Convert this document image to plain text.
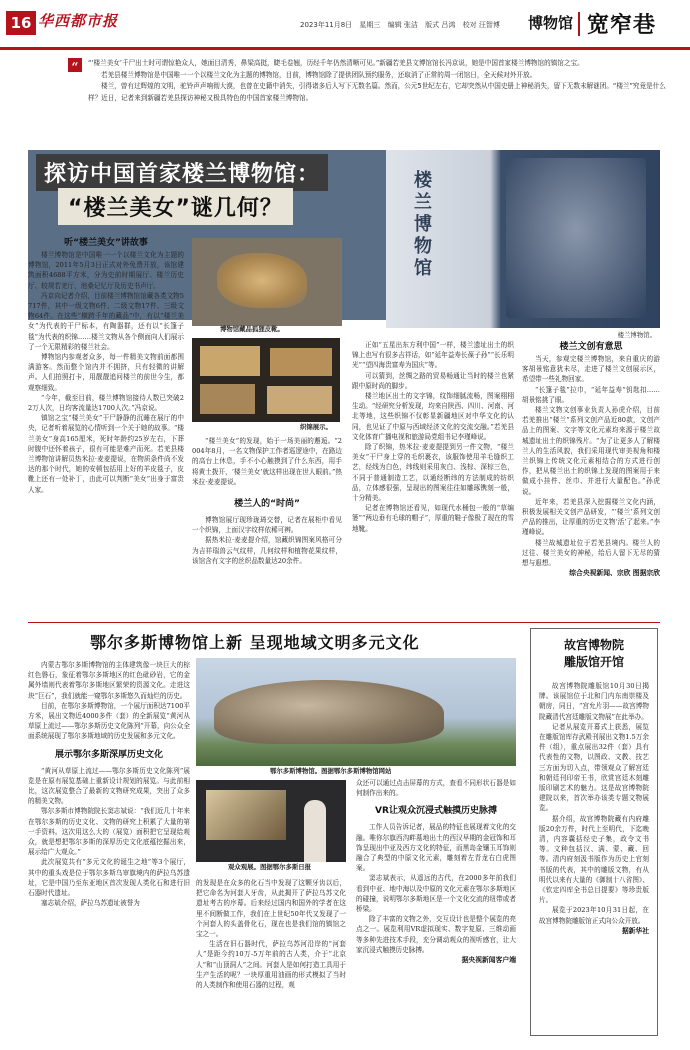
16 华西都市报	2023年11月8日 星期三 编辑 张洁 版式 吕鸿 校对 汪智博	博物馆 宽窄巷
“	“‘楼兰美女’千尸出土时可谓惊艳众人，她面目清秀，鼻梁高挺，睫毛卷翘，历经千年仍然清晰可见。”新疆若羌县文博馆馆长冯京说，她是中国首家楼兰博物馆的镇馆之宝。

若羌县楼兰博物馆是中国唯一一个以楼兰文化为主题的博物馆，目前，博物馆除了提供团队预约服务，还取消了正常的周一闭馆日，全天候对外开放。

楼兰，曾有过辉煌的文明，驼铃声声响彻大漠，也曾在史籍中消失，引得诸多后人写下无数名篇。然而，公元5世纪左右，它却突然从中国史册上神秘消失，留下无数未解谜团。“楼兰”究竟是什么样？近日，记者来到新疆若羌县探访神秘又极具特色的中国首家楼兰博物馆。

楼兰博物馆
楼兰博物馆。
探访中国首家楼兰博物馆：
“楼兰美女”谜几何？
听“楼兰美女”讲故事

楼兰博物馆是中国唯一一个以楼兰文化为主题的博物馆，2011年5月3日正式对外免费开放，该馆建筑面积4688平方米，分为史前时期展厅、楼兰历史厅、较规若羌厅，池桑记忆厅及历史书声厅。

冯京向记者介绍，目前楼兰博物馆馆藏各类文物5717件，其中一级文物6件、二级文物17件、三级文物64件。在这些“横跨千年的藏品”中，有以“楼兰美女”为代表的干尸标本，有陶器群，还有以“长篷子毯”为代表的织锦……楼兰文物从各个侧面向人们展示了一个无限精彩的楼兰社会。

博物馆内参观者众多，每一件精美文物前面都围满游客。然而整个馆内并不拥挤，只有轻微的讲解声。人们拍照打卡，用靓靓追问楼兰的前世今生，都观察细致。

“今年，截至目前，楼兰博物馆接待人数已突破22万人次，日均客流量达1700人次。”冯京说。

镇馆之宝“楼兰美女”干尸静静的沉睡在展厅的中央，记者听着展览的心情听到一个关于她的故事。“楼兰美女”身高165厘米，死时年龄约25岁左右，下葬时腹中还怀着孩子，很有可能是难产而死。若羌县楼兰博物馆讲解员热米拉·麦麦提说，在物质条件尚不发达的那个时代，她的安顿包括用上好的羊皮毯子，皮靴上还有一处补丁，由此可以判断“美女”出身于富贵人家。

博物馆藏品狐狸皮靴。
织锦展示。

“楼兰美女”的发现，始于一场美丽的邂逅。“2004年8月，一名文物保护工作者巡逻途中，在路边的高台上休息，手不小心触摸到了什么东西，用手将黄土拨开，‘楼兰美女’就这样出现在世人眼前。”热米拉·麦麦提说。

楼兰人的“时尚”

博物馆展厅现珍珑琦交替，记者在展柜中看见一个织锦，上面汉字纹样依稀可辨。

据热米拉·麦麦提介绍，馆藏织锦图案风格可分为吉祥瑞兽云气纹样，几何纹样和植物花果纹样，该馆含有文字的丝织品数量达20余件。

正如“五星出东方利中国”一样，楼兰遗址出土的织锦上也写有很多吉祥话，如“延年益寿长葆子孙”“长乐明光”“望四海贵富寿为国庆”等。

可以猜到，丝绸之路的贸易畅通让当时的楼兰也紧跟中原时尚的脚步。

楼兰地区出土的文字锦，纹饰细腻流畅，图案栩栩生动。“经研究分析发现，均来自陕西、四川、河南、河北等地，这些织锦不仅彰显新疆地区对中华文化的认同，也见证了中原与西域经济文化的交流交融。”若羌县文化体育广播电视和旅游局党组书记李瑾峰说。

除了织锦，热米拉·麦麦提提到另一件文物，“楼兰美女”干尸身上穿的毛织裹衣，该服饰使用羊毛缝织工艺，经线为白色，纬线则采用灰白、浅棕、深棕三色，不同于普通制造工艺，以通经断纬的方法制成的纺织品，立体感很强，呈现出的图案往往如雕琢镌刻一般，十分精美。

记者在博物馆还看见，如现代水桶包一般的“草编篓”“两边垂有毛球的帽子”，厚重的鞋子像极了现在的雪地靴。

楼兰文创有意思

当天，参观完楼兰博物馆，来自重庆的游客胡景铭意犹未尽，走进了楼兰文创展示区，希望带一些礼物回家。

“长篷子毯”拉巾，“延年益寿”钥匙扣……胡景铭挑了眼。

楼兰文物文创事业负责人孙虎介绍，目前若羌推出“楼兰”系列文创产品近80款，文创产品上的图案、文字等文化元素均来源于楼兰故城遗址出土的织锦残片。“为了让更多人了解楼兰人的生活风貌，我们采用现代审美视角和楼兰织锦上传统文化元素相结合的方式进行创作，把从楼兰出土的织锦上发现的图案用于来做成小挂件、丝巾、并进行大量配色。”孙虎说。

近年来，若羌县深入挖掘楼兰文化内涵，积极发展相关文创产品研发，“‘楼兰’系列文创产品的推出，让厚重的历史文物‘活’了起来。”李瑾峰说。

楼兰故城遗址位于若羌县境内。楼兰人的过往、楼兰美女的神秘，给后人留下无尽的猜想与遐想。

综合央视新闻、宗欣 图据宗欣
鄂尔多斯博物馆上新 呈现地域文明多元文化

内蒙古鄂尔多斯博物馆的主体建筑像一块巨大的棕红色磐石，象征着鄂尔多斯地区的红色砒砂岩，它的金属外墙则代表着鄂尔多斯地区繁荣的资源文化。走进这块“巨石”，我们就能一窥鄂尔多斯悠久而灿烂的历史。

目前，在鄂尔多斯博物馆，一个展厅面积达7100平方米，展出文物近4000多件（套）的全新展览“黄河从草原上流过——鄂尔多斯历史文化陈列”开幕，向公众全面系统展现了鄂尔多斯地域的历史发展和多元文化。

展示鄂尔多斯深厚历史文化

“黄河从草原上流过——鄂尔多斯历史文化陈列”展览是在原有展览基础上重新设计规划的展览。与此前相比，这次展览整合了最新的文物研究成果，突出了众多的精美文物。

鄂尔多斯市博物院院长窦志斌说：“我们近几十年来在鄂尔多斯的历史文化、文物的研究上积累了大量的第一手资料。这次用这么大的（展览）面积把它呈现给观众，就是想把鄂尔多斯的深厚历史文化底蕴挖掘出来，展示给广大观众。”

此次展览共有“多元文化的诞生之地”等3个展厅，其中的重头戏是位于鄂尔多斯乌审旗境内的萨拉乌苏遗址，它是中国乃至东亚地区首次发现人类化石和进行旧石器时代遗址。

塞志斌介绍，萨拉乌苏遗址被誉为

鄂尔多斯博物馆。图据鄂尔多斯博物馆网站
观众观展。图据鄂尔多斯日报

的发现是在众多的化石当中发现了这颗牙齿以后，把它命名为河套人牙齿，从此揭开了萨拉乌苏文化遗址考古的序幕。后来经过国内和国外的学者在这里不间断做工作，我们在上世纪50年代又发现了一个河套人的头盖骨化石，现在也是我们馆的镇馆之宝之一。

生活在旧石器时代，萨拉乌苏河沿岸的“河套人”是距今约10万-5万年前的古人类，介于“北京人”和“山顶洞人”之间。河套人是如何打造工具用于生产生活的呢？一块厚重用油画的形式模拟了当时的人类制作和使用石器的过程，观

众还可以通过点击屏幕的方式，查看不同形状石器是如何制作出来的。

VR让观众沉浸式触摸历史脉搏

工作人员告诉记者，展品的特征也展现着文化的交融。唯你尔旗西沟畔墓地出土的西汉早期的金冠饰和耳饰呈现出中亚及西方文化的特征，而黑岛金镶玉耳饰则融合了典型的中原文化元素，雕刻着左青龙右白虎图案。

窦志斌表示，从遥远的古代，在2000多年前我们看到中亚、地中海以及中原的文化元素在鄂尔多斯地区的碰撞，说明鄂尔多斯地区是一个文化交流的纽带或者桥梁。

除了丰富的文物之外，交互设计也是整个展览的亮点之一。展览利用VR虚拟现实、数字复原、三维动画等多种先进技术手段，充分调动观众的视听感官，让大家沉浸式触摸历史脉搏。

据央视新闻客户端
故宫博物院
雕版馆开馆

故宫博物院雕版馆10月30日揭牌。该展馆位于北和门内东南崇楼及朝房，同日，“宫允片羽——故宫博物院藏清代宫廷雕版文物展”在此举办。

记者从展览开幕式上获悉，展览在雕版馆库存武殿刊展出文物1.5万余件（组），重点展出32件（套）具有代表性的文物，以图政、文教、技艺三方面为切入点，带领观众了解宫廷和朝廷刊印帝王书，欣赏宫廷木刻雕版印刷艺术的魅力。这是故宫博物院建院以来，首次举办该类专题文物展览。

据介绍，故宫博物院藏有内府雕版20余万件，时代上至明代，下迄晚清，内容囊括经史子集，政令文书等。文种包括汉、满、蒙、藏、回等。清内府刻汲书版作为历史上官刻书版的代表，其中的雕版文物，有从明代以来有大量的《御制十八省图》、《钦定四库全书总目提要》等珍贵版片。

展览于2023年10月31日起，在故宫博物院雕版馆正式向公众开放。

据新华社
